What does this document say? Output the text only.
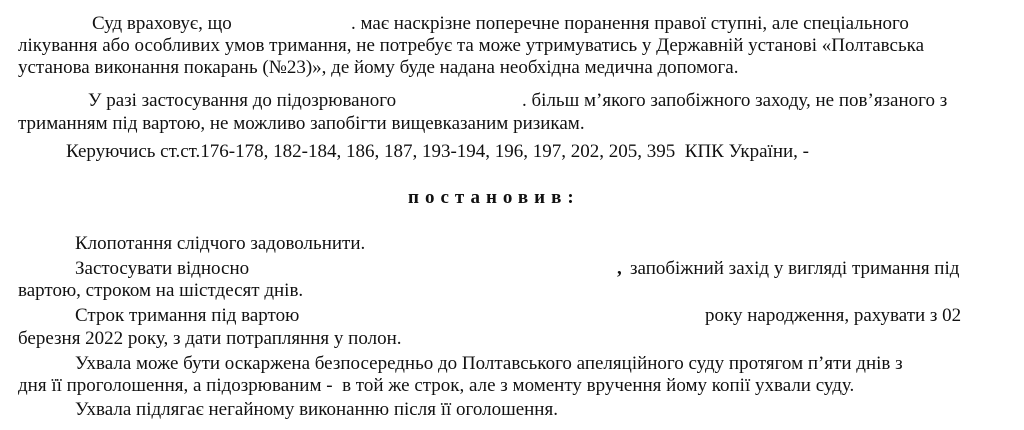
Суд враховує, що	. має наскрізне поперечне поранення правої ступні, але спеціального
лікування або особливих умов тримання, не потребує та може утримуватись у Державній установі «Полтавська
установа виконання покарань (№23)», де йому буде надана необхідна медична допомога.
У разі застосування до підозрюваного	. більш м’якого запобіжного заходу, не пов’язаного з
триманням під вартою, не можливо запобігти вищевказаним ризикам.
Керуючись ст.ст.176-178, 182-184, 186, 187, 193-194, 196, 197, 202, 205, 395  КПК України, -
постановив:
Клопотання слідчого задовольнити.
Застосувати відносно	, запобіжний захід у вигляді тримання під
вартою, строком на шістдесят днів.
Строк тримання під вартою	року народження, рахувати з 02
березня 2022 року, з дати потрапляння у полон.
Ухвала може бути оскаржена безпосередньо до Полтавського апеляційного суду протягом п’яти днів з
дня її проголошення, а підозрюваним -  в той же строк, але з моменту вручення йому копії ухвали суду.
Ухвала підлягає негайному виконанню після її оголошення.
